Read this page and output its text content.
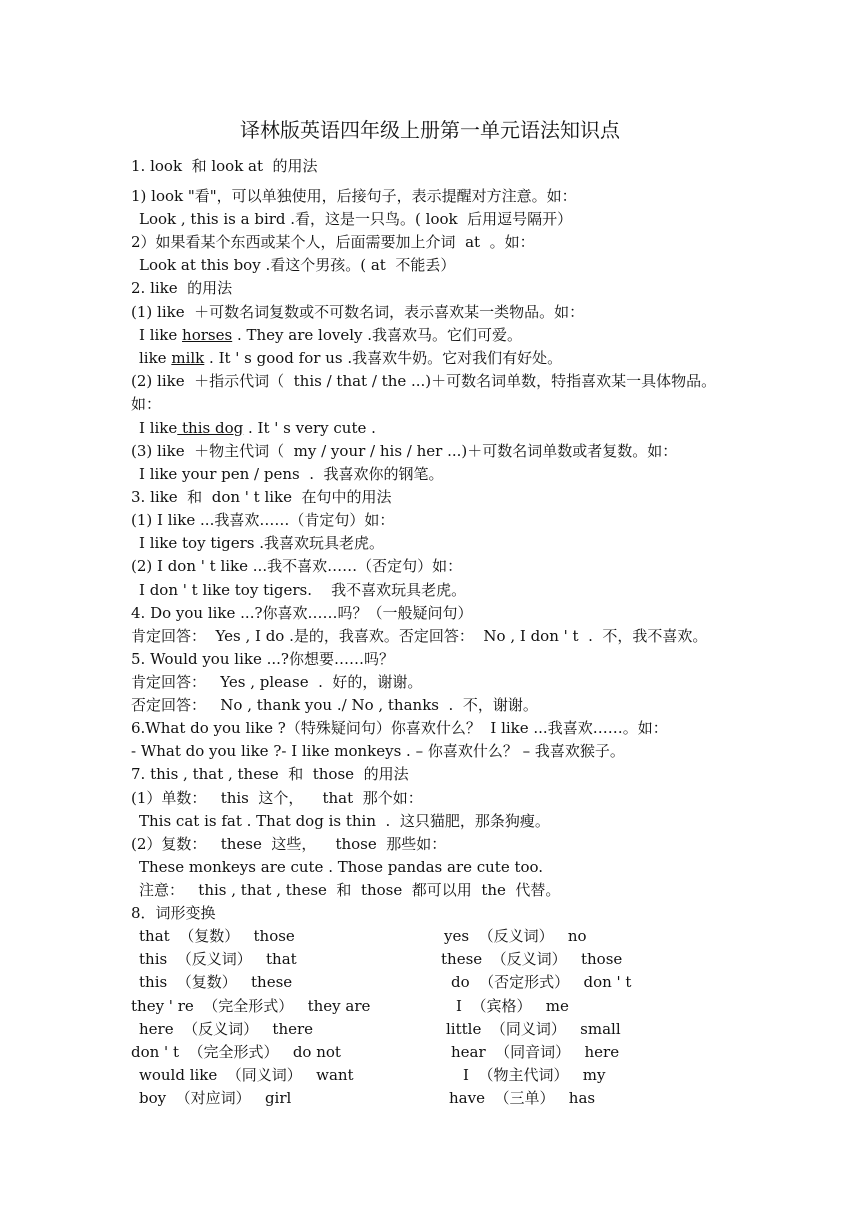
译林版英语四年级上册第一单元语法知识点
1. look  和 look at  的用法
1) look "看"，可以单独使用，后接句子，表示提醒对方注意。如：
Look , this is a bird .看，这是一只鸟。( look  后用逗号隔开）
2）如果看某个东西或某个人，后面需要加上介词  at  。如：
Look at this boy .看这个男孩。( at  不能丢）
2. like  的用法
(1) like  ＋可数名词复数或不可数名词，表示喜欢某一类物品。如：
I like horses . They are lovely .我喜欢马。它们可爱。
like milk . It ' s good for us .我喜欢牛奶。它对我们有好处。
(2) like  ＋指示代词（  this / that / the ...)＋可数名词单数，特指喜欢某一具体物品。
如：
I like this dog . It ' s very cute .
(3) like  ＋物主代词（  my / your / his / her ...)＋可数名词单数或者复数。如：
I like your pen / pens  .  我喜欢你的钢笔。
3. like  和  don ' t like  在句中的用法
(1) I like ...我喜欢……（肯定句）如：
I like toy tigers .我喜欢玩具老虎。
(2) I don ' t like ...我不喜欢……（否定句）如：
I don ' t like toy tigers.    我不喜欢玩具老虎。
4. Do you like ...?你喜欢……吗？（一般疑问句）
肯定回答：  Yes , I do .是的，我喜欢。否定回答：  No , I don ' t  .  不，我不喜欢。
5. Would you like ...?你想要……吗？
肯定回答：   Yes , please  .  好的，谢谢。
否定回答：   No , thank you ./ No , thanks  .  不，谢谢。
6.What do you like ?（特殊疑问句）你喜欢什么？  I like ...我喜欢……。如：
- What do you like ?- I like monkeys . – 你喜欢什么？ – 我喜欢猴子。
7. this , that , these  和  those  的用法
(1）单数：   this  这个，    that  那个如：
This cat is fat . That dog is thin  .  这只猫肥，那条狗瘦。
(2）复数：   these  这些，    those  那些如：
These monkeys are cute . Those pandas are cute too.
注意：   this , that , these  和  those  都可以用  the  代替。
8．词形变换
that  （复数）   those
this  （反义词）   that
this  （复数）   these
they ' re  （完全形式）   they are
here  （反义词）   there
don ' t  （完全形式）   do not
would like  （同义词）   want
boy  （对应词）   girl
yes  （反义词）   no
these  （反义词）   those
do  （否定形式）   don ' t
I  （宾格）   me
little  （同义词）   small
hear  （同音词）   here
I  （物主代词）   my
have  （三单）   has
